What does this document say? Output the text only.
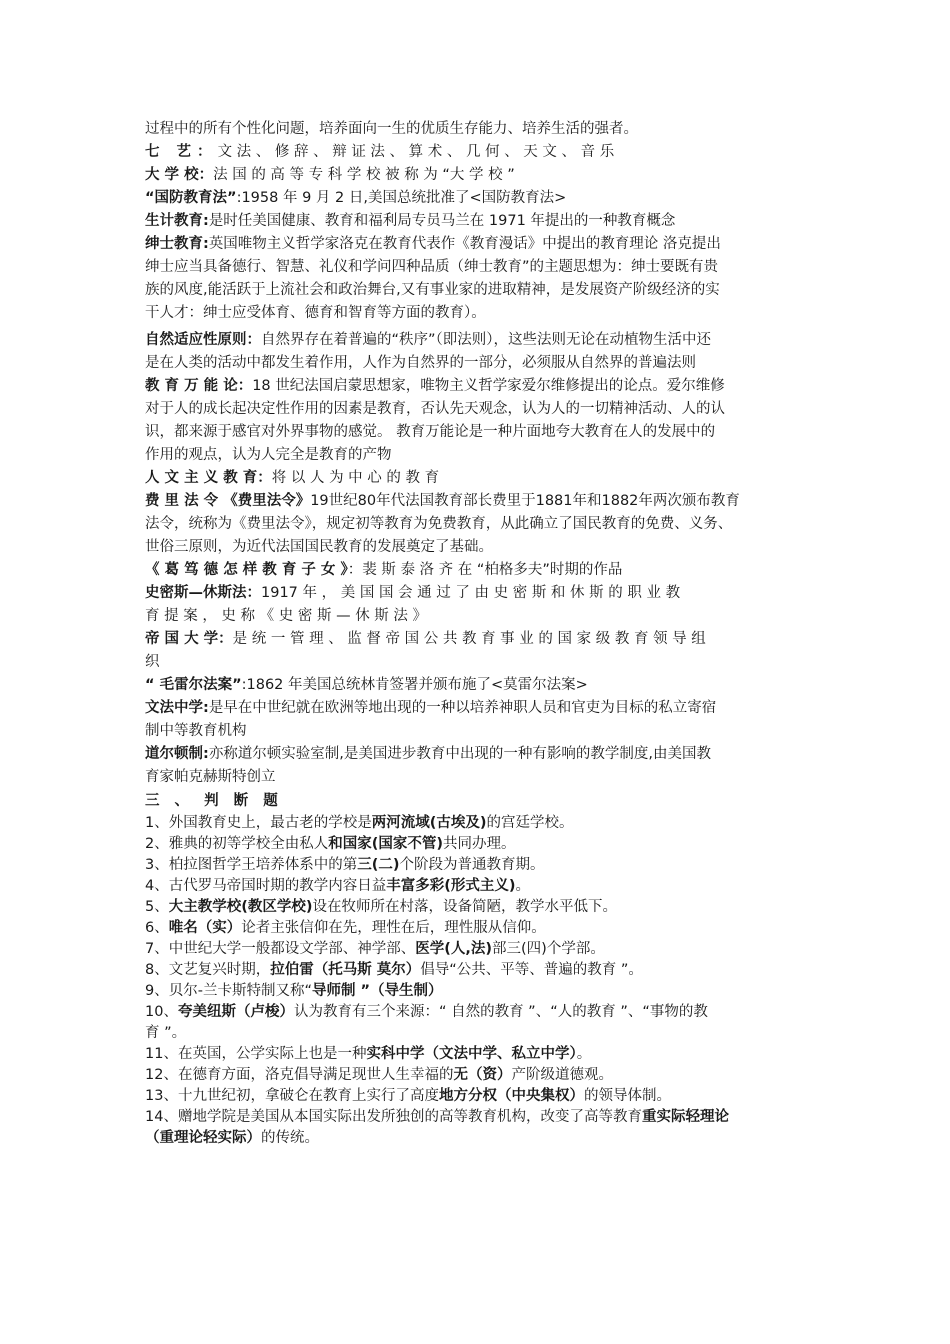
过程中的所有个性化问题，培养面向一生的优质生存能力、培养生活的强者。
七 艺：文 法 、 修 辞 、 辩 证 法 、 算 术 、 几 何 、 天 文 、 音 乐
大 学 校：法 国 的 高 等 专 科 学 校 被 称 为 “大 学 校 ”
“国防教育法”:1958 年 9 月 2 日,美国总统批准了<国防教育法>
生计教育:是时任美国健康、教育和福利局专员马兰在 1971 年提出的一种教育概念
绅士教育:英国唯物主义哲学家洛克在教育代表作《教育漫话》中提出的教育理论 洛克提出
绅士应当具备德行、智慧、礼仪和学问四种品质（绅士教育”的主题思想为：绅士要既有贵
族的风度,能活跃于上流社会和政治舞台,又有事业家的进取精神，是发展资产阶级经济的实
干人才：绅士应受体育、德育和智育等方面的教育）。
自然适应性原则：自然界存在着普遍的“秩序”（即法则），这些法则无论在动植物生活中还
是在人类的活动中都发生着作用，人作为自然界的一部分，必须服从自然界的普遍法则
教 育 万 能 论：18 世纪法国启蒙思想家，唯物主义哲学家爱尔维修提出的论点。爱尔维修
对于人的成长起决定性作用的因素是教育，否认先天观念，认为人的一切精神活动、人的认
识，都来源于感官对外界事物的感觉。 教育万能论是一种片面地夸大教育在人的发展中的
作用的观点，认为人完全是教育的产物
人 文 主 义 教 育：将 以 人 为 中 心 的 教 育
费 里 法 令 《费里法令》19世纪80年代法国教育部长费里于1881年和1882年两次颁布教育
法令，统称为《费里法令》，规定初等教育为免费教育，从此确立了国民教育的免费、义务、
世俗三原则，为近代法国国民教育的发展奠定了基础。
《 葛 笃 德 怎 样 教 育 子 女 》：裴 斯 泰 洛 齐 在 “柏格多夫”时期的作品
史密斯—休斯法：1917 年 ， 美 国 国 会 通 过 了 由 史 密 斯 和 休 斯 的 职 业 教
育 提 案 ， 史 称 《 史 密 斯 — 休 斯 法 》
帝 国 大 学：是 统 一 管 理 、 监 督 帝 国 公 共 教 育 事 业 的 国 家 级 教 育 领 导 组
织
“ 毛雷尔法案”:1862 年美国总统林肯签署并颁布施了<莫雷尔法案>
文法中学:是早在中世纪就在欧洲等地出现的一种以培养神职人员和官吏为目标的私立寄宿
制中等教育机构
道尔顿制:亦称道尔顿实验室制,是美国进步教育中出现的一种有影响的教学制度,由美国教
育家帕克赫斯特创立
三 、 判 断 题
1、外国教育史上，最古老的学校是两河流域(古埃及)的宫廷学校。
2、雅典的初等学校全由私人和国家(国家不管)共同办理。
3、柏拉图哲学王培养体系中的第三(二)个阶段为普通教育期。
4、古代罗马帝国时期的教学内容日益丰富多彩(形式主义)。
5、大主教学校(教区学校)设在牧师所在村落，设备简陋，教学水平低下。
6、唯名（实）论者主张信仰在先，理性在后，理性服从信仰。
7、中世纪大学一般都设文学部、神学部、医学(人,法)部三(四)个学部。
8、文艺复兴时期，拉伯雷（托马斯 莫尔）倡导“公共、平等、普遍的教育 ”。
9、贝尔-兰卡斯特制又称“导师制 ”（导生制）
10、夸美纽斯（卢梭）认为教育有三个来源：“ 自然的教育 ”、“人的教育 ”、“事物的教
育 ”。
11、在英国，公学实际上也是一种实科中学（文法中学、私立中学）。
12、在德育方面，洛克倡导满足现世人生幸福的无（资）产阶级道德观。
13、十九世纪初，拿破仑在教育上实行了高度地方分权（中央集权）的领导体制。
14、赠地学院是美国从本国实际出发所独创的高等教育机构，改变了高等教育重实际轻理论
（重理论轻实际）的传统。
